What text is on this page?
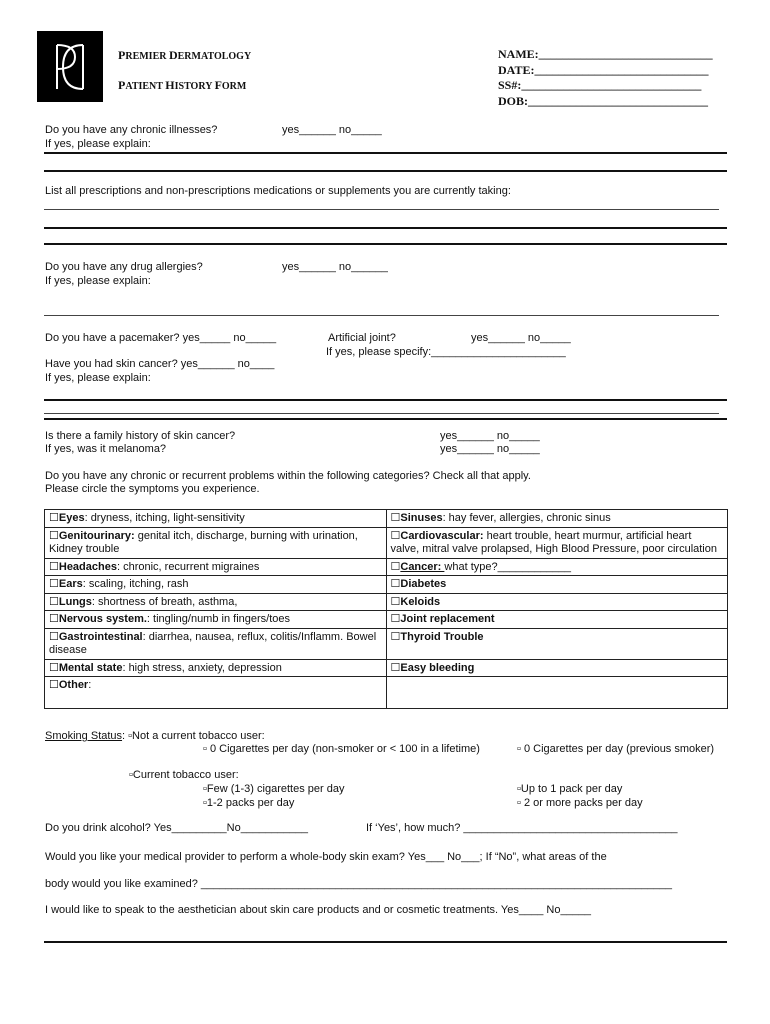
PREMIER DERMATOLOGY
PATIENT HISTORY FORM
NAME:_____________________________
DATE:_____________________________
SS#:______________________________
DOB:______________________________
Do you have any chronic illnesses?	yes______ no_____
If yes, please explain:
List all prescriptions and non-prescriptions medications or supplements you are currently taking:
Do you have any drug allergies?	yes______ no______
If yes, please explain:
Do you have a pacemaker? yes_____ no_____	Artificial joint?	yes______ no_____
If yes, please specify:______________________
Have you had skin cancer? yes______ no____
If yes, please explain:
Is there a family history of skin cancer?	yes______ no_____
If yes, was it melanoma?	yes______ no_____
Do you have any chronic or recurrent problems within the following categories? Check all that apply.
Please circle the symptoms you experience.
☐Eyes: dryness, itching, light-sensitivity	☐Sinuses: hay fever, allergies, chronic sinus
☐Genitourinary: genital itch, discharge, burning with urination, Kidney trouble	☐Cardiovascular: heart trouble, heart murmur, artificial heart valve, mitral valve prolapsed, High Blood Pressure, poor circulation
☐Headaches: chronic, recurrent migraines	☐Cancer: what type?____________
☐Ears: scaling, itching, rash	☐Diabetes
☐Lungs: shortness of breath, asthma,	☐Keloids
☐Nervous system.: tingling/numb in fingers/toes	☐Joint replacement
☐Gastrointestinal: diarrhea, nausea, reflux, colitis/Inflamm. Bowel disease	☐Thyroid Trouble
☐Mental state: high stress, anxiety, depression	☐Easy bleeding
☐Other:	
Smoking Status: ▫Not a current tobacco user:
▫ 0 Cigarettes per day (non-smoker or < 100 in a lifetime)	▫ 0 Cigarettes per day (previous smoker)
▫Current tobacco user:
▫Few (1-3) cigarettes per day	▫Up to 1 pack per day
▫1-2 packs per day	▫ 2 or more packs per day
Do you drink alcohol? Yes_________No___________	If ‘Yes’, how much? ___________________________________
Would you like your medical provider to perform a whole-body skin exam? Yes___ No___; If “No”, what areas of the
body would you like examined? _____________________________________________________________________________
I would like to speak to the aesthetician about skin care products and or cosmetic treatments. Yes____ No_____
